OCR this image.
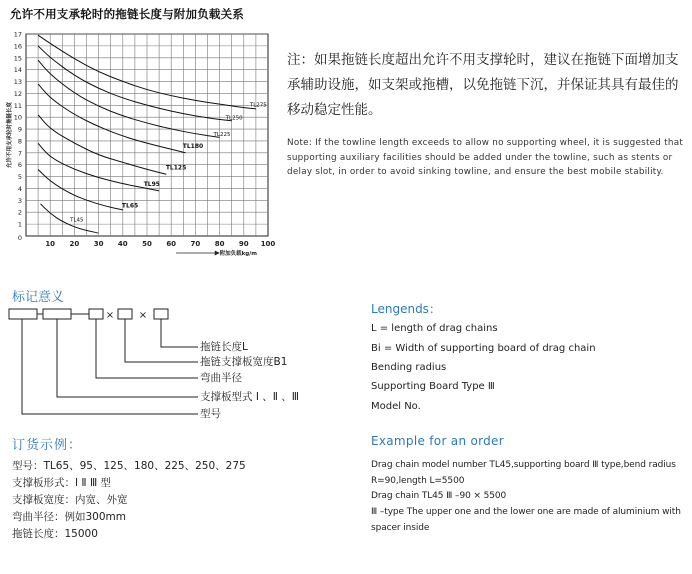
允许不用支承轮时的拖链长度与附加负载关系
1
2
3
4
5
6
7
8
9
10
11
12
13
14
15
16
17
10 20 30 40 50 60 70 80 90 100
0
允许不用支承轮时拖链长度
附加负载kg/m
TL45
TL65
TL95
TL125
TL180
TL225
TL250
TL275
注：如果拖链长度超出允许不用支撑轮时，建议在拖链下面增加支承辅助设施，如支架或拖槽，以免拖链下沉，并保证其具有最佳的移动稳定性能。
Note: If the towline length exceeds to allow no supporting wheel, it is suggested that supporting auxiliary facilities should be added under the towline, such as stents or delay slot, in order to avoid sinking towline, and ensure the best mobile stability.
标记意义
Lengends：
× ×
拖链长度L
拖链支撑板宽度B1
弯曲半径
支撑板型式 Ⅰ 、Ⅱ 、Ⅲ
型号
L = length of drag chains
Bi = Width of supporting board of drag chain
Bending radius
Supporting Board Type Ⅲ
Model No.
订货示例：	Example for an order
型号：TL65、95、125、180、225、250、275
支撑板形式：Ⅰ Ⅱ Ⅲ 型
支撑板宽度：内宽、外宽
弯曲半径：例如300mm
拖链长度：15000
Drag chain model number TL45,supporting board Ⅲ type,bend radius R=90,length L=5500
Drag chain TL45 Ⅲ –90 × 5500
Ⅲ –type The upper one and the lower one are made of aluminium with spacer inside
